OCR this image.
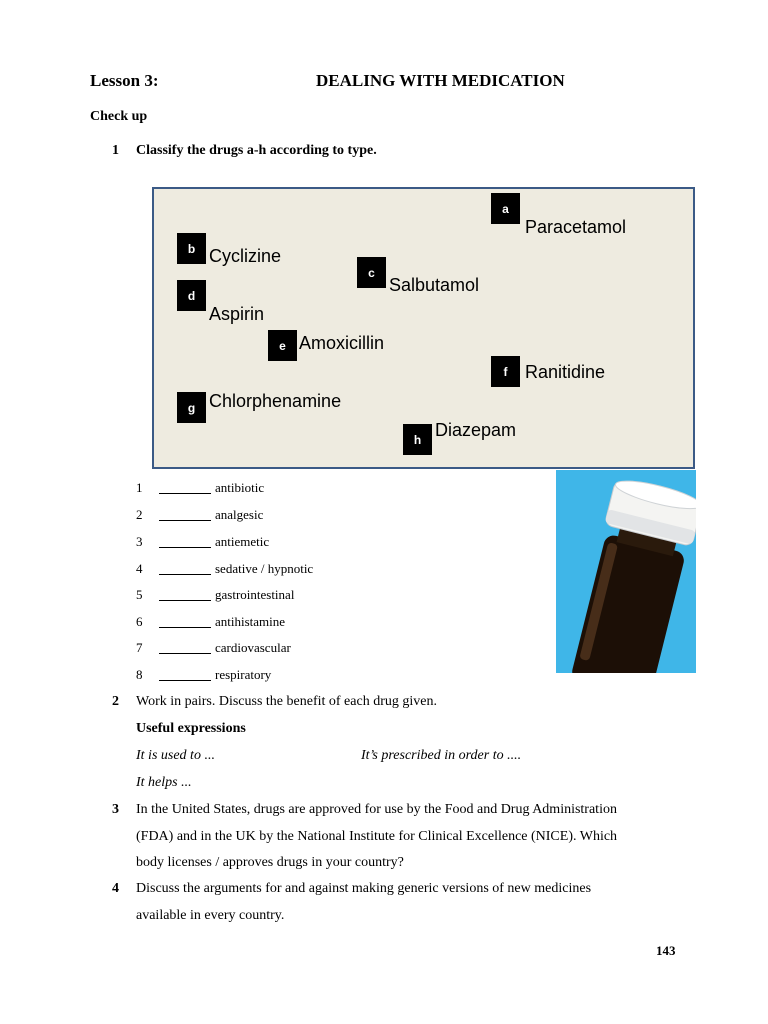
Lesson 3:	DEALING WITH MEDICATION
Check up
1 Classify the drugs a-h according to type.
a
Paracetamol
b Cyclizine
c
Salbutamol
d
Aspirin
e Amoxicillin
f Ranitidine
g Chlorphenamine
h Diazepam
1	antibiotic
2	analgesic
3	antiemetic
4	sedative / hypnotic
5	gastrointestinal
6	antihistamine
7	cardiovascular
8	respiratory
2 Work in pairs. Discuss the benefit of each drug given.
Useful expressions
It is used to ...	It’s prescribed in order to ....
It helps ...
3 In the United States, drugs are approved for use by the Food and Drug Administration
(FDA) and in the UK by the National Institute for Clinical Excellence (NICE). Which
body licenses / approves drugs in your country?
4 Discuss the arguments for and against making generic versions of new medicines
available in every country.
143
